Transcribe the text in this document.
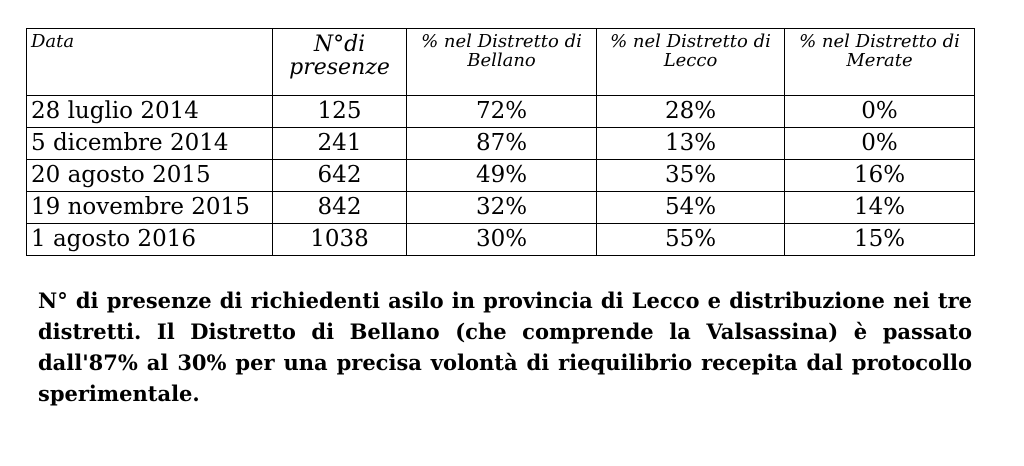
Data	N°di presenze	% nel Distretto di Bellano	% nel Distretto di Lecco	% nel Distretto di Merate
28 luglio 2014	125	72%	28%	0%
5 dicembre 2014	241	87%	13%	0%
20 agosto 2015	642	49%	35%	16%
19 novembre 2015	842	32%	54%	14%
1 agosto 2016	1038	30%	55%	15%

N° di presenze di richiedenti asilo in provincia di Lecco e distribuzione nei tre distretti. Il Distretto di Bellano (che comprende la Valsassina) è passato dall'87% al 30% per una precisa volontà di riequilibrio recepita dal protocollo sperimentale.
